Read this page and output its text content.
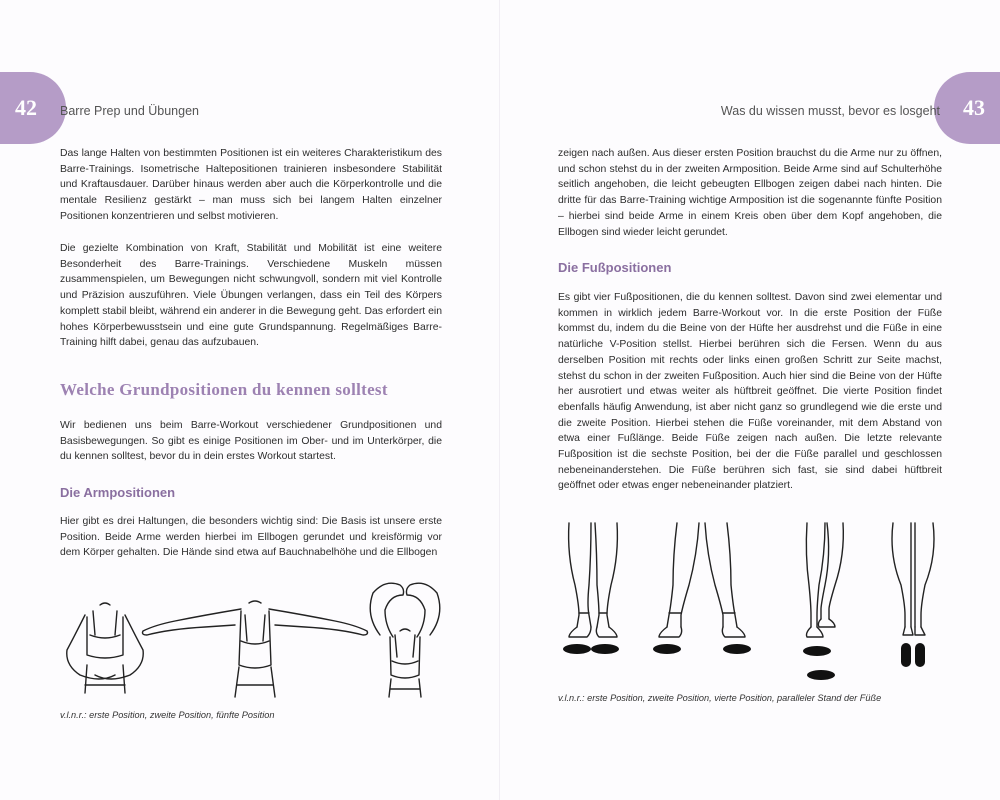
42 Barre Prep und Übungen
Das lange Halten von bestimmten Positionen ist ein weiteres Charakteristikum des Barre-Trainings. Isometrische Haltepositionen trainieren insbesondere Stabilität und Kraftausdauer. Darüber hinaus werden aber auch die Körperkontrolle und die mentale Resilienz gestärkt – man muss sich bei langem Halten einzelner Positionen konzentrieren und selbst motivieren.
Die gezielte Kombination von Kraft, Stabilität und Mobilität ist eine weitere Besonderheit des Barre-Trainings. Verschiedene Muskeln müssen zusammenspielen, um Bewegungen nicht schwungvoll, sondern mit viel Kontrolle und Präzision auszuführen. Viele Übungen verlangen, dass ein Teil des Körpers komplett stabil bleibt, während ein anderer in die Bewegung geht. Das erfordert ein hohes Körperbewusstsein und eine gute Grundspannung. Regelmäßiges Barre-Training hilft dabei, genau das aufzubauen.
Welche Grundpositionen du kennen solltest
Wir bedienen uns beim Barre-Workout verschiedener Grundpositionen und Basisbewegungen. So gibt es einige Positionen im Ober- und im Unterkörper, die du kennen solltest, bevor du in dein erstes Workout startest.
Die Armpositionen
Hier gibt es drei Haltungen, die besonders wichtig sind: Die Basis ist unsere erste Position. Beide Arme werden hierbei im Ellbogen gerundet und kreisförmig vor dem Körper gehalten. Die Hände sind etwa auf Bauchnabelhöhe und die Ellbogen
v.l.n.r.: erste Position, zweite Position, fünfte Position
43
Was du wissen musst, bevor es losgeht
zeigen nach außen. Aus dieser ersten Position brauchst du die Arme nur zu öffnen, und schon stehst du in der zweiten Armposition. Beide Arme sind auf Schulterhöhe seitlich angehoben, die leicht gebeugten Ellbogen zeigen dabei nach hinten. Die dritte für das Barre-Training wichtige Armposition ist die sogenannte fünfte Position – hierbei sind beide Arme in einem Kreis oben über dem Kopf angehoben, die Ellbogen sind wieder leicht gerundet.
Die Fußpositionen
Es gibt vier Fußpositionen, die du kennen solltest. Davon sind zwei elementar und kommen in wirklich jedem Barre-Workout vor. In die erste Position der Füße kommst du, indem du die Beine von der Hüfte her ausdrehst und die Füße in eine natürliche V-Position stellst. Hierbei berühren sich die Fersen. Wenn du aus derselben Position mit rechts oder links einen großen Schritt zur Seite machst, stehst du schon in der zweiten Fußposition. Auch hier sind die Beine von der Hüfte her ausrotiert und etwas weiter als hüftbreit geöffnet. Die vierte Position findet ebenfalls häufig Anwendung, ist aber nicht ganz so grundlegend wie die erste und die zweite Position. Hierbei stehen die Füße voreinander, mit dem Abstand von etwa einer Fußlänge. Beide Füße zeigen nach außen. Die letzte relevante Fußposition ist die sechste Position, bei der die Füße parallel und geschlossen nebeneinanderstehen. Die Füße berühren sich fast, sie sind dabei hüftbreit geöffnet oder etwas enger nebeneinander platziert.
v.l.n.r.: erste Position, zweite Position, vierte Position, paralleler Stand der Füße
